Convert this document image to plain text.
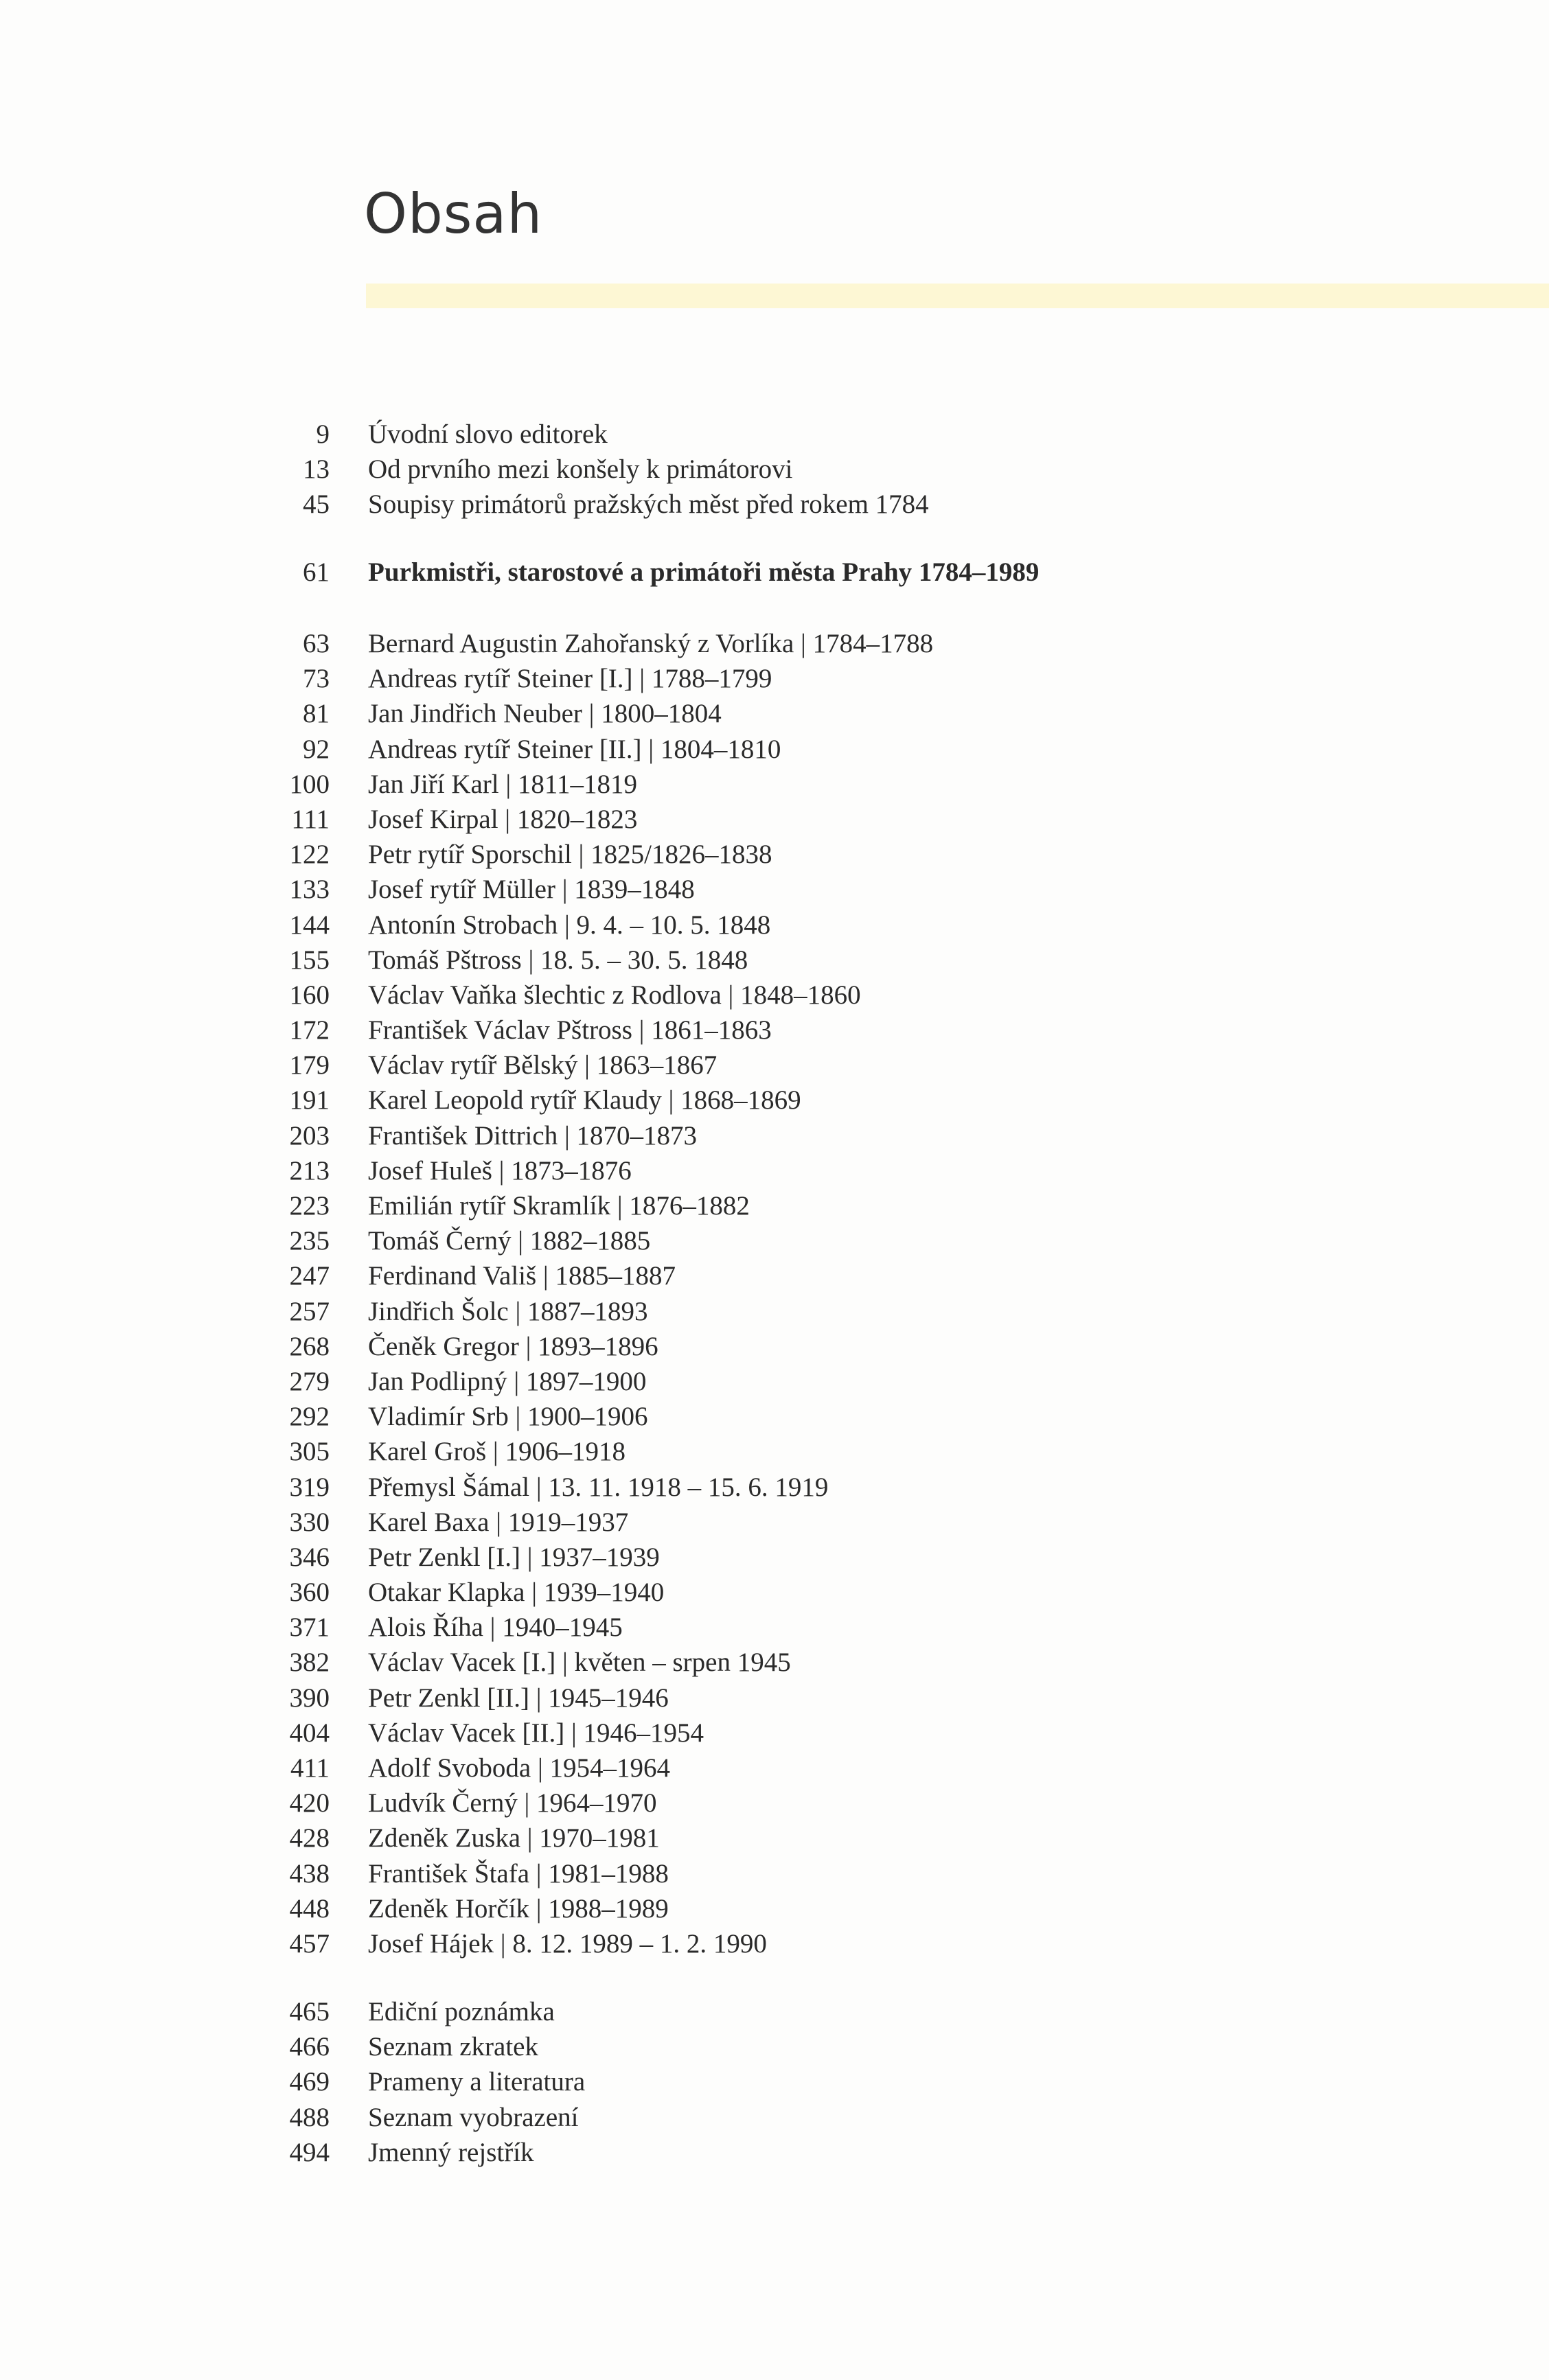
Obsah
9 Úvodní slovo editorek
13 Od prvního mezi konšely k primátorovi
45 Soupisy primátorů pražských měst před rokem 1784
61 Purkmistři, starostové a primátoři města Prahy 1784–1989
63 Bernard Augustin Zahořanský z Vorlíka | 1784–1788
73 Andreas rytíř Steiner [I.] | 1788–1799
81 Jan Jindřich Neuber | 1800–1804
92 Andreas rytíř Steiner [II.] | 1804–1810
100 Jan Jiří Karl | 1811–1819
111 Josef Kirpal | 1820–1823
122 Petr rytíř Sporschil | 1825/1826–1838
133 Josef rytíř Müller | 1839–1848
144 Antonín Strobach | 9. 4. – 10. 5. 1848
155 Tomáš Pštross | 18. 5. – 30. 5. 1848
160 Václav Vaňka šlechtic z Rodlova | 1848–1860
172 František Václav Pštross | 1861–1863
179 Václav rytíř Bělský | 1863–1867
191 Karel Leopold rytíř Klaudy | 1868–1869
203 František Dittrich | 1870–1873
213 Josef Huleš | 1873–1876
223 Emilián rytíř Skramlík | 1876–1882
235 Tomáš Černý | 1882–1885
247 Ferdinand Vališ | 1885–1887
257 Jindřich Šolc | 1887–1893
268 Čeněk Gregor | 1893–1896
279 Jan Podlipný | 1897–1900
292 Vladimír Srb | 1900–1906
305 Karel Groš | 1906–1918
319 Přemysl Šámal | 13. 11. 1918 – 15. 6. 1919
330 Karel Baxa | 1919–1937
346 Petr Zenkl [I.] | 1937–1939
360 Otakar Klapka | 1939–1940
371 Alois Říha | 1940–1945
382 Václav Vacek [I.] | květen – srpen 1945
390 Petr Zenkl [II.] | 1945–1946
404 Václav Vacek [II.] | 1946–1954
411 Adolf Svoboda | 1954–1964
420 Ludvík Černý | 1964–1970
428 Zdeněk Zuska | 1970–1981
438 František Štafa | 1981–1988
448 Zdeněk Horčík | 1988–1989
457 Josef Hájek | 8. 12. 1989 – 1. 2. 1990
465 Ediční poznámka
466 Seznam zkratek
469 Prameny a literatura
488 Seznam vyobrazení
494 Jmenný rejstřík
